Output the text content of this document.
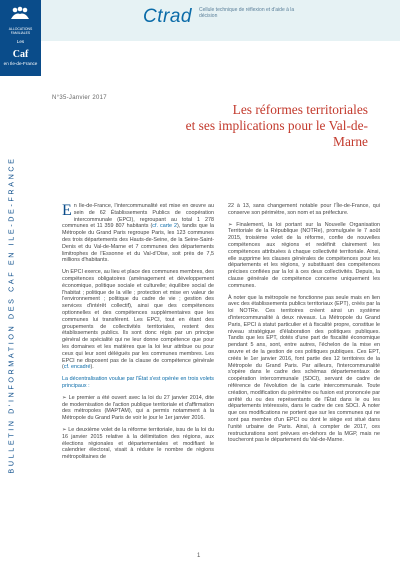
ALLOCATIONS
FAMILIALES
Les
Caf
en Ile-de-France
Ctrad Cellule technique de réflexion et d'aide à la décision
N°35-Janvier 2017
Les réformes territoriales
et ses implications pour le Val-de-Marne
BULLETIN D'INFORMATION DES CAF EN ILE-DE-FRANCE	En Ile-de-France, l'intercommunalité est mise en œuvre au sein de 62 Établissements Publics de coopération intercommunale (EPCI), regroupant au total 1 278 communes et 11 359 807 habitants (cf. carte 2), tandis que la Métropole du Grand Paris regroupe Paris, les 123 communes des trois départements des Hauts-de-Seine, de la Seine-Saint-Denis et du Val-de-Marne et 7 communes des départements limitrophes de l'Essonne et du Val-d'Oise, soit près de 7,5 millions d'habitants.

Un EPCI exerce, au lieu et place des communes membres, des compétences obligatoires (aménagement et développement économique, politique sociale et culturelle; équilibre social de l'habitat ; politique de la ville ; protection et mise en valeur de l'environnement ; politique du cadre de vie ; gestion des services d'intérêt collectif), ainsi que des compétences optionnelles et des compétences supplémentaires que les communes lui transfèrent. Les EPCI, tout en étant des groupements de collectivités territoriales, restent des établissements publics. Ils sont donc régis par un principe général de spécialité qui ne leur donne compétence que pour les domaines et les matières que la loi leur attribue ou pour ceux qui leur sont délégués par les communes membres. Les EPCI ne disposent pas de la clause de compétence générale (cf. encadré).

La décentralisation voulue par l'État s'est opérée en trois volets principaux :

➢ Le premier a été ouvert avec la loi du 27 janvier 2014, dite de modernisation de l'action publique territoriale et d'affirmation des métropoles (MAPTAM), qui a permis notamment à la Métropole du Grand Paris de voir le jour le 1er janvier 2016.

➢ Le deuxième volet de la réforme territoriale, issu de la loi du 16 janvier 2015 relative à la délimitation des régions, aux élections régionales et départementales et modifiant le calendrier électoral, visait à réduire le nombre de régions métropolitaines de

22 à 13, sans changement notable pour l'Île-de-France, qui conserve son périmètre, son nom et sa préfecture.

➢ Finalement, la loi portant sur la Nouvelle Organisation Territoriale de la République (NOTRe), promulguée le 7 août 2015, troisième volet de la réforme, confie de nouvelles compétences aux régions et redéfinit clairement les compétences attribuées à chaque collectivité territoriale. Ainsi, elle supprime les clauses générales de compétences pour les départements et les régions, y substituant des compétences précises confiées par la loi à ces deux collectivités. Depuis, la clause générale de compétence concerne uniquement les communes.

À noter que la métropole ne fonctionne pas seule mais en lien avec des établissements publics territoriaux (EPT), créés par la loi NOTRe. Ces territoires créent ainsi un système d'intercommunalité à deux niveaux. La Métropole du Grand Paris, EPCI à statut particulier et à fiscalité propre, constitue le niveau stratégique d'élaboration des politiques publiques. Tandis que les EPT, dotés d'une part de fiscalité économique pendant 5 ans, sont, entre autres, l'échelon de la mise en œuvre et de la gestion de ces politiques publiques. Ces EPT, créés le 1er janvier 2016, font partie des 12 territoires de la Métropole du Grand Paris. Par ailleurs, l'intercommunalité s'opère dans le cadre des schémas départementaux de coopération intercommunale (SDCI), servant de cadre de référence de l'évolution de la carte intercommunale. Toute création, modification du périmètre ou fusion est prononcée par arrêté du ou des représentants de l'État dans le ou les départements intéressés, dans le cadre de ces SDCI. À noter que ces modifications ne portent que sur les communes qui ne sont pas membre d'un EPCI ou dont le siège est situé dans l'unité urbaine de Paris. Ainsi, à compter de 2017, ces restructurations sont prévues en-dehors de la MGP, mais ne toucheront pas le département du Val-de-Marne.

1
